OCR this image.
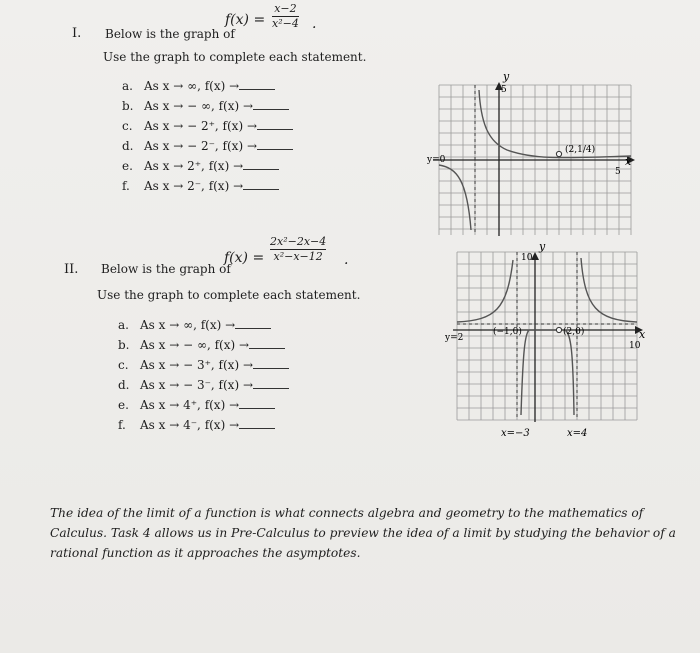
I. Below is the graph of
f(x) =
x−2
x²−4 .
Use the graph to complete each statement.
a. As x → ∞, f(x) →
b. As x → − ∞, f(x) →
c. As x → − 2⁺, f(x) →
d. As x → − 2⁻, f(x) →
e. As x → 2⁺, f(x) →
f. As x → 2⁻, f(x) →
II. Below is the graph of
f(x) =
2x²−2x−4
x²−x−12 .
Use the graph to complete each statement.
a. As x → ∞, f(x) →
b. As x → − ∞, f(x) →
c. As x → − 3⁺, f(x) →
d. As x → − 3⁻, f(x) →
e. As x → 4⁺, f(x) →
f. As x → 4⁻, f(x) →
y
5
x
5
y=0
(2,1/4)
y
10
x
10
y=2
(−1,0)	(2,0)
x=−3	x=4
The idea of the limit of a function is what connects algebra and geometry to the mathematics of Calculus. Task 4 allows us in Pre-Calculus to preview the idea of a limit by studying the behavior of a rational function as it approaches the asymptotes.
